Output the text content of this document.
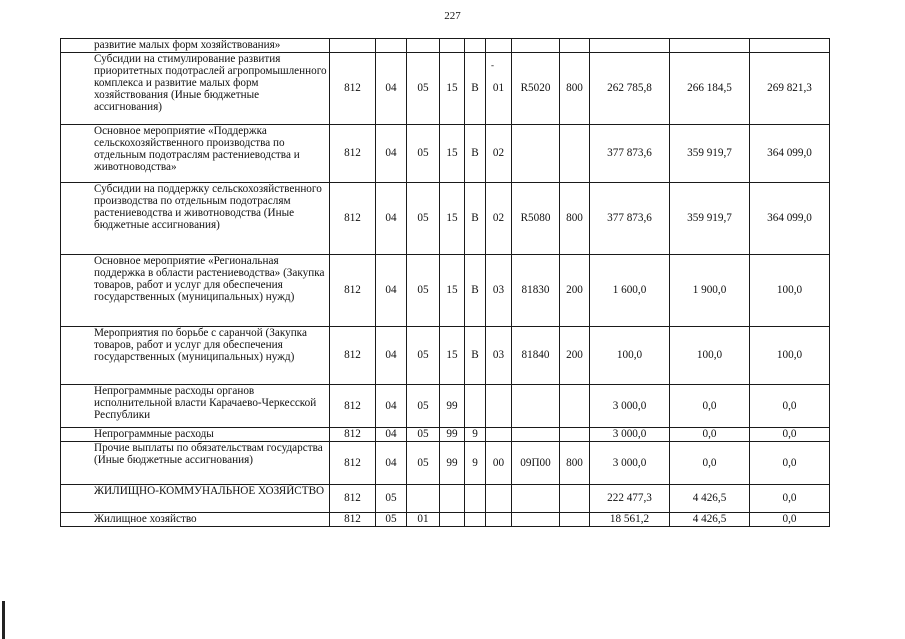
227
-
развитие малых форм хозяйствования»											
Субсидии на стимулирование развития приоритетных подотраслей агропромышленного комплекса и развитие малых форм хозяйствования (Иные бюджетные ассигнования)	812	04	05	15	В	01	R5020	800	262 785,8	266 184,5	269 821,3
Основное мероприятие «Поддержка сельскохозяйственного производства по отдельным подотраслям растениеводства и животноводства»	812	04	05	15	В	02			377 873,6	359 919,7	364 099,0
Субсидии на поддержку сельскохозяйственного производства по отдельным подотраслям растениеводства и животноводства (Иные бюджетные ассигнования)	812	04	05	15	В	02	R5080	800	377 873,6	359 919,7	364 099,0
Основное мероприятие «Региональная поддержка в области растениеводства» (Закупка товаров, работ и услуг для обеспечения государственных (муниципальных) нужд)	812	04	05	15	В	03	81830	200	1 600,0	1 900,0	100,0
Мероприятия по борьбе с саранчой (Закупка товаров, работ и услуг для обеспечения государственных (муниципальных) нужд)	812	04	05	15	В	03	81840	200	100,0	100,0	100,0
Непрограммные расходы органов исполнительной власти Карачаево-Черкесской Республики	812	04	05	99					3 000,0	0,0	0,0
Непрограммные расходы	812	04	05	99	9				3 000,0	0,0	0,0
Прочие выплаты по обязательствам государства (Иные бюджетные ассигнования)	812	04	05	99	9	00	09П00	800	3 000,0	0,0	0,0
ЖИЛИЩНО-КОММУНАЛЬНОЕ ХОЗЯЙСТВО	812	05							222 477,3	4 426,5	0,0
Жилищное хозяйство	812	05	01						18 561,2	4 426,5	0,0
